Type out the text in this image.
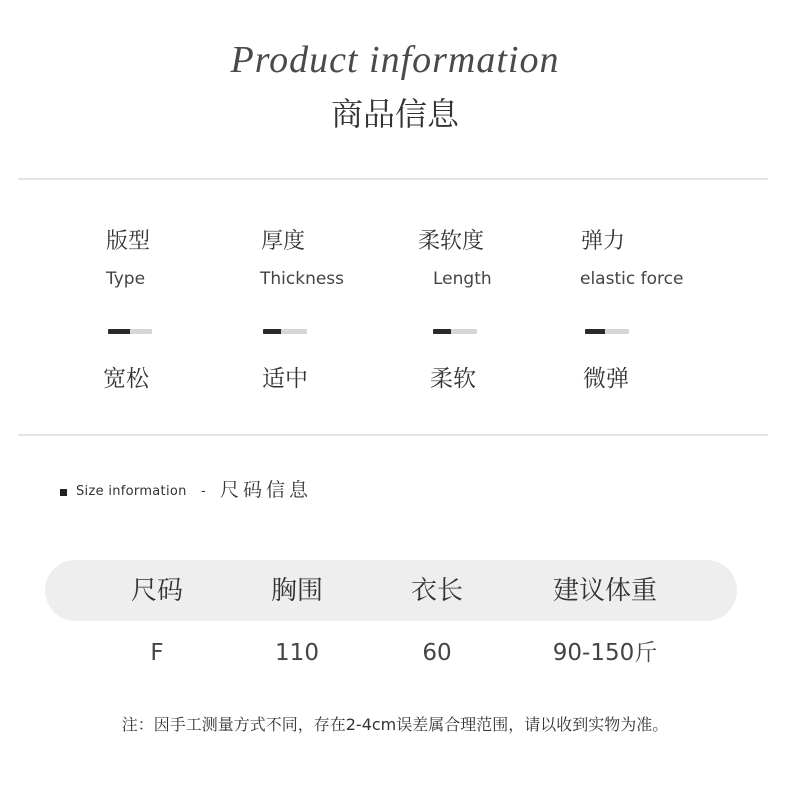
Product information
商品信息
版型
Type
宽松
厚度
Thickness
适中
柔软度
Length
柔软
弹力
elastic force
微弹
Size information - 尺码信息
尺码	胸围	衣长	建议体重
F	110	60	90-150斤
注：因手工测量方式不同，存在2-4cm误差属合理范围，请以收到实物为准。
